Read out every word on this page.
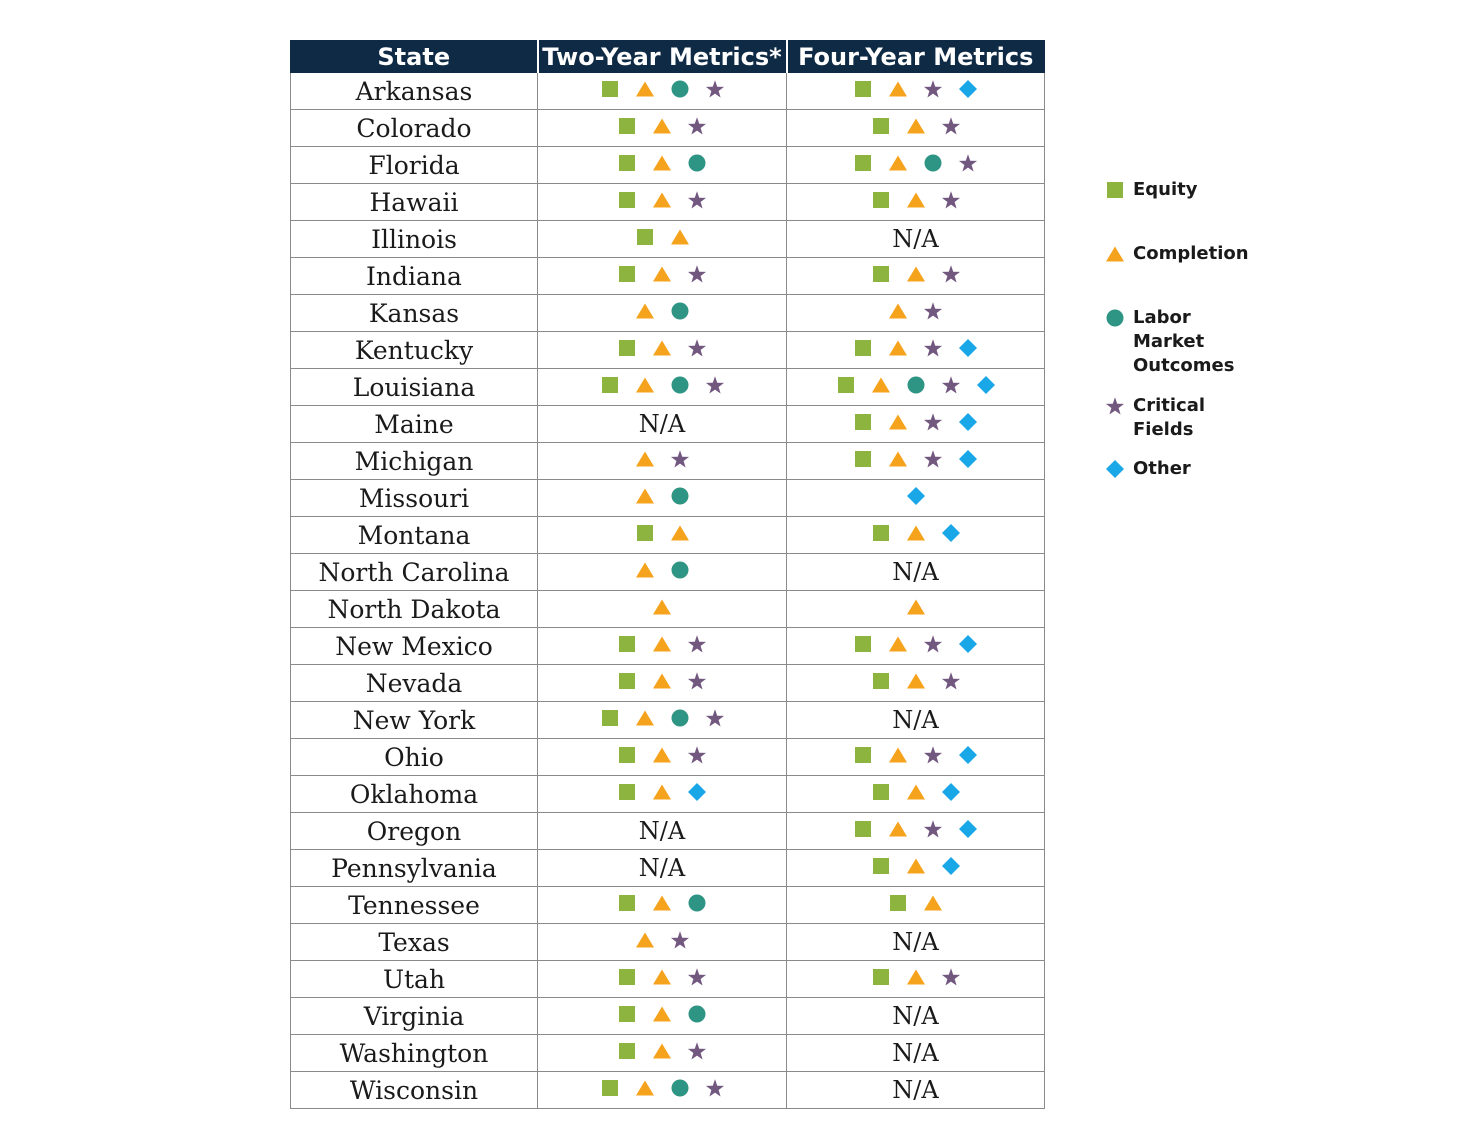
State	Two-Year Metrics*	Four-Year Metrics
Arkansas	

Colorado	

Florida	

Hawaii	

Illinois		N/A
Indiana	

Kansas	

Kentucky	

Louisiana	

Maine	N/A	

Michigan	

Missouri	

Montana	

North Carolina		N/A
North Dakota	

New Mexico	

Nevada	

New York		N/A
Ohio	

Oklahoma	

Oregon	N/A	

Pennsylvania	N/A	

Tennessee	

Texas		N/A
Utah	

Virginia		N/A
Washington		N/A
Wisconsin		N/A
Equity
Completion
Labor Market
Outcomes
Critical Fields
Other
